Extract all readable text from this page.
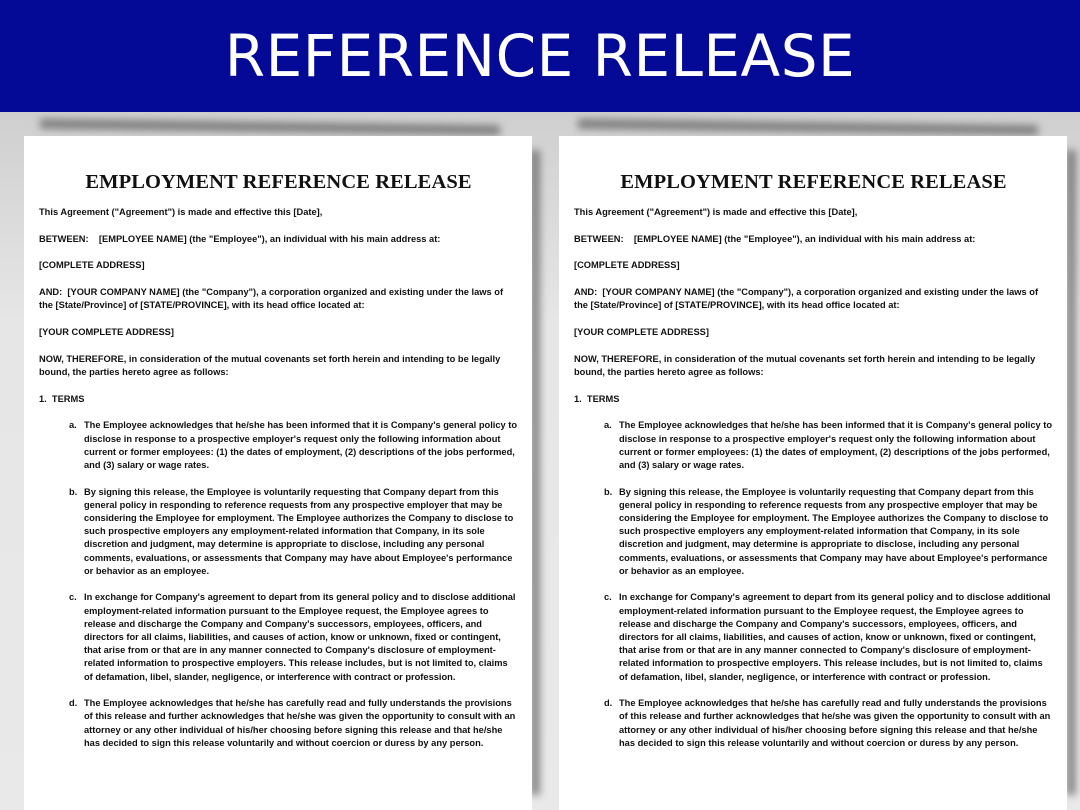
REFERENCE RELEASE
EMPLOYMENT REFERENCE RELEASE

This Agreement ("Agreement") is made and effective this [Date],

BETWEEN:    [EMPLOYEE NAME] (the "Employee"), an individual with his main address at:

[COMPLETE ADDRESS]

AND:  [YOUR COMPANY NAME] (the "Company"), a corporation organized and existing under the laws of the [State/Province] of [STATE/PROVINCE], with its head office located at:

[YOUR COMPLETE ADDRESS]

NOW, THEREFORE, in consideration of the mutual covenants set forth herein and intending to be legally bound, the parties hereto agree as follows:

1.  TERMS

a. The Employee acknowledges that he/she has been informed that it is Company's general policy to disclose in response to a prospective employer's request only the following information about current or former employees: (1) the dates of employment, (2) descriptions of the jobs performed, and (3) salary or wage rates.
b. By signing this release, the Employee is voluntarily requesting that Company depart from this general policy in responding to reference requests from any prospective employer that may be considering the Employee for employment. The Employee authorizes the Company to disclose to such prospective employers any employment-related information that Company, in its sole discretion and judgment, may determine is appropriate to disclose, including any personal comments, evaluations, or assessments that Company may have about Employee's performance or behavior as an employee.
c. In exchange for Company's agreement to depart from its general policy and to disclose additional employment-related information pursuant to the Employee request, the Employee agrees to release and discharge the Company and Company's successors, employees, officers, and directors for all claims, liabilities, and causes of action, know or unknown, fixed or contingent, that arise from or that are in any manner connected to Company's disclosure of employment-related information to prospective employers. This release includes, but is not limited to, claims of defamation, libel, slander, negligence, or interference with contract or profession.
d. The Employee acknowledges that he/she has carefully read and fully understands the provisions of this release and further acknowledges that he/she was given the opportunity to consult with an attorney or any other individual of his/her choosing before signing this release and that he/she has decided to sign this release voluntarily and without coercion or duress by any person.
EMPLOYMENT REFERENCE RELEASE

This Agreement ("Agreement") is made and effective this [Date],

BETWEEN:    [EMPLOYEE NAME] (the "Employee"), an individual with his main address at:

[COMPLETE ADDRESS]

AND:  [YOUR COMPANY NAME] (the "Company"), a corporation organized and existing under the laws of the [State/Province] of [STATE/PROVINCE], with its head office located at:

[YOUR COMPLETE ADDRESS]

NOW, THEREFORE, in consideration of the mutual covenants set forth herein and intending to be legally bound, the parties hereto agree as follows:

1.  TERMS

a. The Employee acknowledges that he/she has been informed that it is Company's general policy to disclose in response to a prospective employer's request only the following information about current or former employees: (1) the dates of employment, (2) descriptions of the jobs performed, and (3) salary or wage rates.
b. By signing this release, the Employee is voluntarily requesting that Company depart from this general policy in responding to reference requests from any prospective employer that may be considering the Employee for employment. The Employee authorizes the Company to disclose to such prospective employers any employment-related information that Company, in its sole discretion and judgment, may determine is appropriate to disclose, including any personal comments, evaluations, or assessments that Company may have about Employee's performance or behavior as an employee.
c. In exchange for Company's agreement to depart from its general policy and to disclose additional employment-related information pursuant to the Employee request, the Employee agrees to release and discharge the Company and Company's successors, employees, officers, and directors for all claims, liabilities, and causes of action, know or unknown, fixed or contingent, that arise from or that are in any manner connected to Company's disclosure of employment-related information to prospective employers. This release includes, but is not limited to, claims of defamation, libel, slander, negligence, or interference with contract or profession.
d. The Employee acknowledges that he/she has carefully read and fully understands the provisions of this release and further acknowledges that he/she was given the opportunity to consult with an attorney or any other individual of his/her choosing before signing this release and that he/she has decided to sign this release voluntarily and without coercion or duress by any person.
